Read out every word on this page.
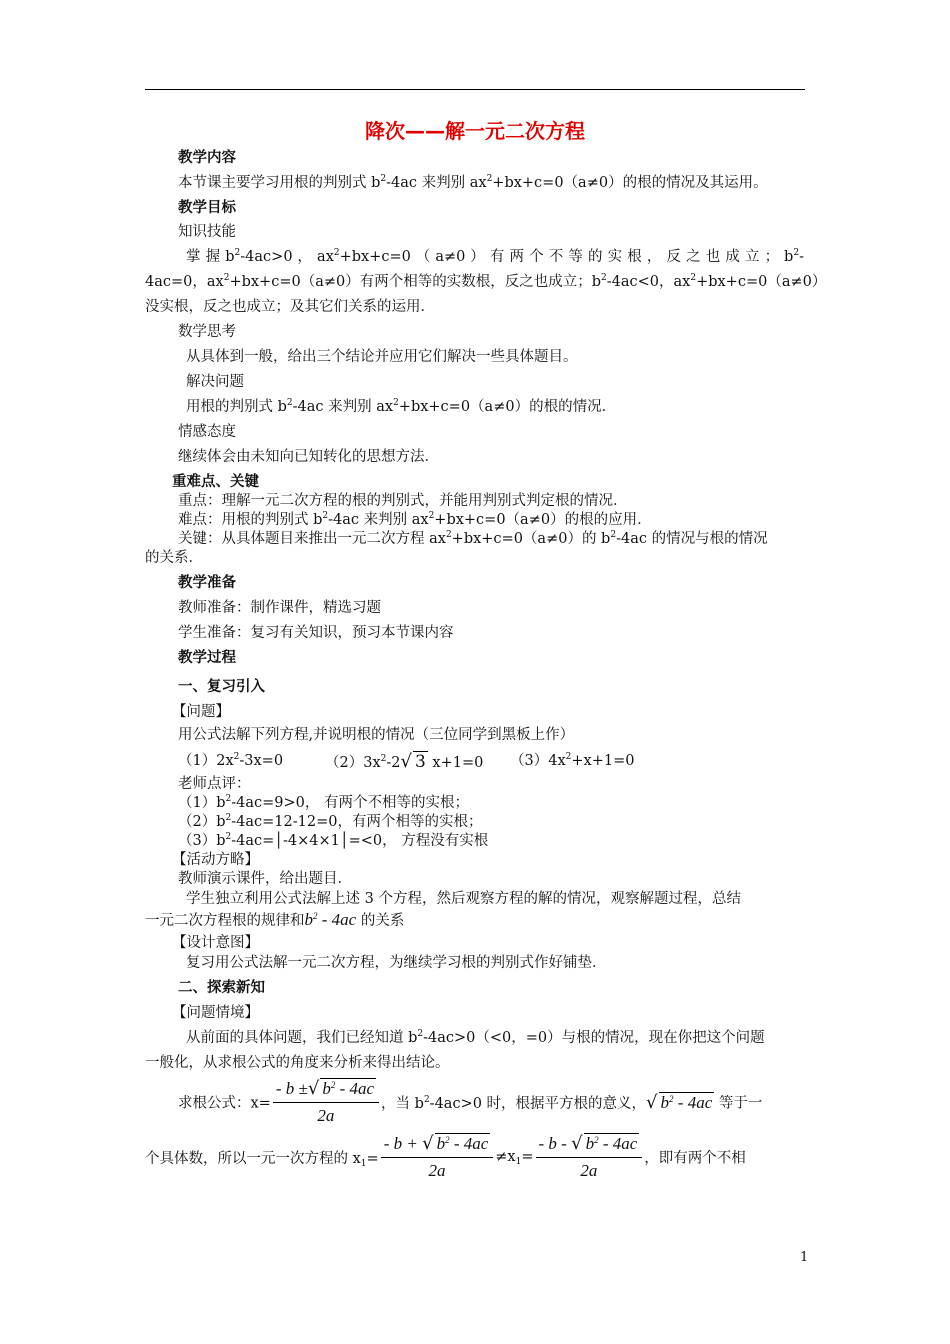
降次——解一元二次方程
教学内容
本节课主要学习用根的判别式 $b^2-4ac$ 来判别 $ax^2+bx+c=0(a\ne 0)$的根的情况及其运用。
教学目标
知识技能
掌 握 $b^2-4ac>0$ ， $ax^2+bx+c=0$ （ a≠0 ） 有 两 个 不 等 的 实 根 ， 反 之 也 成 立 ； $b^2-$
4ac=0，$ax^2+bx+c=0(a\ne 0)$有两个相等的实数根，反之也成立；$b^2-4ac<0$，$ax^2+bx+c=0(a\ne 0)$
没实根，反之也成立；及其它们关系的运用．
数学思考
从具体到一般，给出三个结论并应用它们解决一些具体题目。
解决问题
用根的判别式 $b^2-4ac$ 来判别 $ax^2+bx+c=0(a\ne 0)$的根的情况．
情感态度
继续体会由未知向已知转化的思想方法．
重难点、关键
重点：理解一元二次方程的根的判别式，并能用判别式判定根的情况．
难点：用根的判别式 $b^2-4ac$ 来判别 $ax^2+bx+c=0(a\ne 0)$的根的应用．
关键：从具体题目来推出一元二次方程 $ax^2+bx+c=0(a\ne 0)$的 $b^2-4ac$ 的情况与根的情况
的关系．
教学准备
教师准备：制作课件，精选习题
学生准备：复习有关知识，预习本节课内容
教学过程
一、复习引入
【问题】
用公式法解下列方程,并说明根的情况（三位同学到黑板上作）
$(1)2x^2-3x=0$	$(2)3x^2-2√$ 3 x+1=0 $(3)4x^2+x+1=0$
老师点评：
$(1)b^2-4ac=9>0$， 有两个不相等的实根；
$(2)b^2-4ac=12-12=0$，有两个相等的实根；
$(3)b^2-4ac=│-4\times 4\times 1│=<0$， 方程没有实根
【活动方略】
教师演示课件，给出题目．
学生独立利用公式法解上述 3 个方程，然后观察方程的解的情况，观察解题过程，总结
一元二次方程根的规律和$b^2 - 4ac$ 的关系
【设计意图】
复习用公式法解一元二次方程，为继续学习根的判别式作好铺垫．
二、探索新知
【问题情境】
从前面的具体问题，我们已经知道 $b^2-4ac>0(<0$，=0）与根的情况，现在你把这个问题
一般化，从求根公式的角度来分析来得出结论。
求根公式：$x= \frac{- b \pm√ b^2 - 4ac}{2a}$ ，当 $b^2-4ac>0$ 时，根据平方根的意义，√ $b^2 - 4ac$ 等于一
个具体数，所以一元一次方程的 $x_1= \frac{- b + √ b^2 - 4ac}{2a} \ne x_1= \frac{- b - √ b^2 - 4ac}{2a}$ ，即有两个不相
1
